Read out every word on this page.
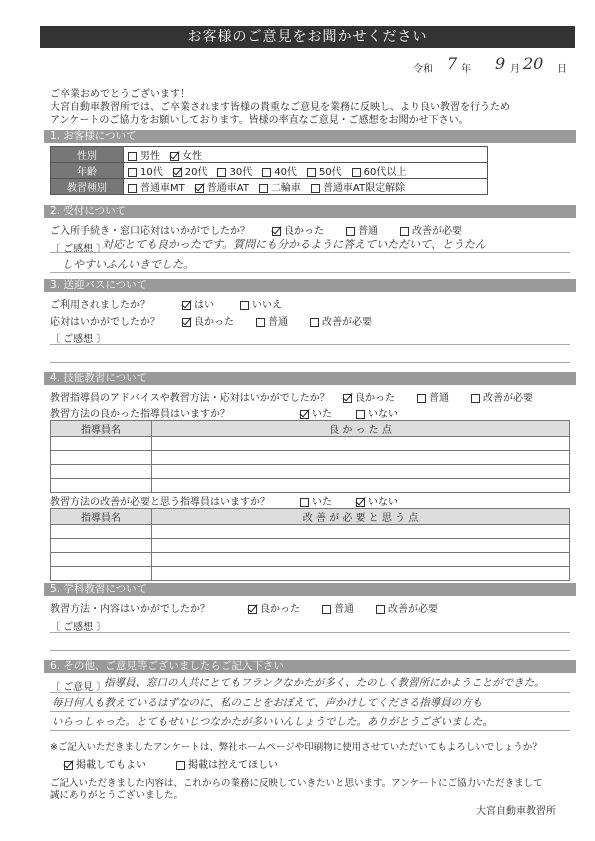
お客様のご意見をお聞かせください
令和 7 年 9 月 20 日
ご卒業おめでとうございます！
大宮自動車教習所では、ご卒業されます皆様の貴重なご意見を業務に反映し、より良い教習を行うため
アンケートのご協力をお願いしております。皆様の率直なご意見・ご感想をお聞かせ下さい。
1. お客様について
性別	男性 女性
年齢	10代 20代 30代 40代 50代 60代以上
教習種別	普通車MT 普通車AT 二輪車 普通車AT限定解除
2. 受付について
ご入所手続き・窓口応対はいかがでしたか？	良かった	普通	改善が必要
〔 ご感想 〕
対応とても良かったです。質問にも分かるように答えていただいて、とうたん
しやすいふんいきでした。
3. 送迎バスについて
ご利用されましたか？	はい	いいえ
応対はいかがでしたか？	良かった	普通	改善が必要
〔 ご感想 〕
4. 技能教習について
教習指導員のアドバイスや教習方法・応対はいかがでしたか？	良かった	普通	改善が必要
教習方法の良かった指導員はいますか？	いた	いない
指導員名	良 か っ た 点

教習方法の改善が必要と思う指導員はいますか？	いた	いない
指導員名	改 善 が 必 要 と 思 う 点

5. 学科教習について
教習方法・内容はいかがでしたか？	良かった	普通	改善が必要
〔 ご感想 〕
6. その他、ご意見等ございましたらご記入下さい
〔 ご意見 〕
指導員、窓口の人共にとてもフランクなかたが多く、たのしく教習所にかようことができた。
毎日何人も教えているはずなのに、私のことをおぼえて、声かけしてくださる指導員の方も
いらっしゃった。とてもせいじつなかたが多いいんしょうでした。ありがとうございました。
※ご記入いただきましたアンケートは、弊社ホームページや印刷物に使用させていただいてもよろしいでしょうか？
掲載してもよい	掲載は控えてほしい
ご記入いただきました内容は、これからの業務に反映していきたいと思います。アンケートにご協力いただきまして
誠にありがとうございました。
大宮自動車教習所
